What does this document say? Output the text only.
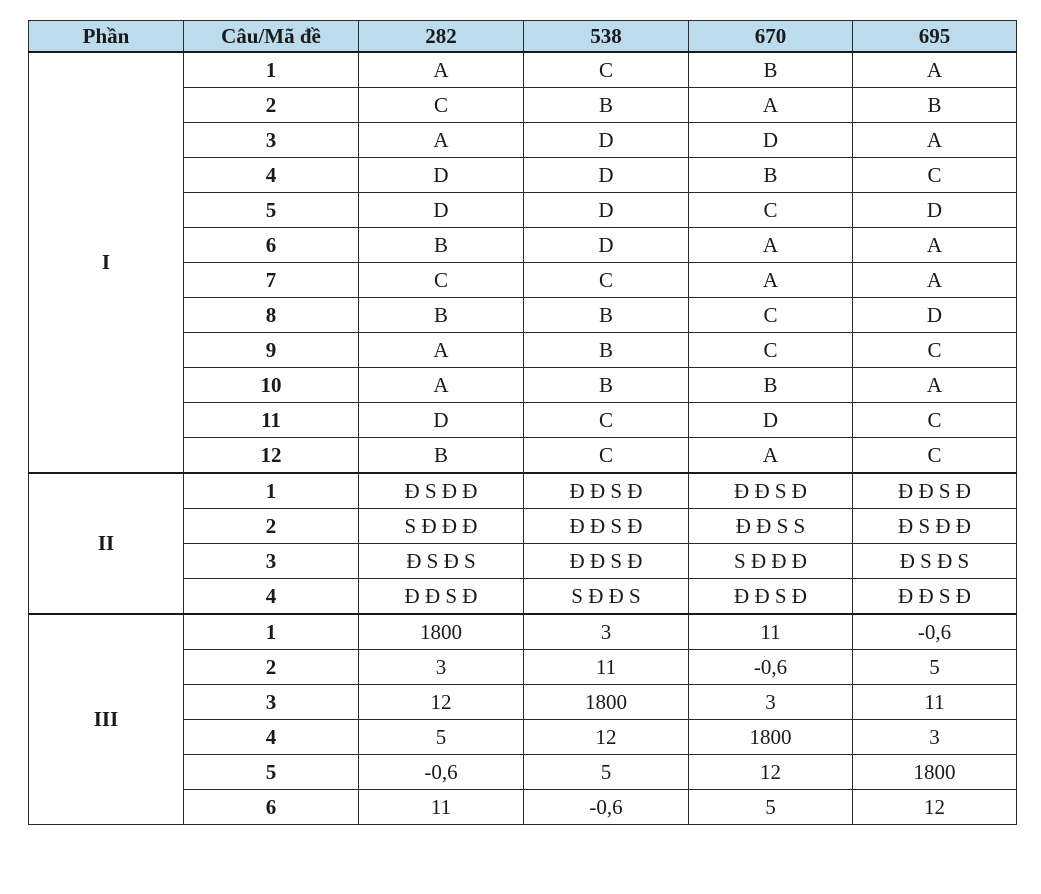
Phần	Câu/Mã đề	282	538	670	695
I	1	A	C	B	A
	2	C	B	A	B
	3	A	D	D	A
	4	D	D	B	C
	5	D	D	C	D
	6	B	D	A	A
	7	C	C	A	A
	8	B	B	C	D
	9	A	B	C	C
	10	A	B	B	A
	11	D	C	D	C
	12	B	C	A	C
II	1	Đ S Đ Đ	Đ Đ S Đ	Đ Đ S Đ	Đ Đ S Đ
	2	S Đ Đ Đ	Đ Đ S Đ	Đ Đ S S	Đ S Đ Đ
	3	Đ S Đ S	Đ Đ S Đ	S Đ Đ Đ	Đ S Đ S
	4	Đ Đ S Đ	S Đ Đ S	Đ Đ S Đ	Đ Đ S Đ
III	1	1800	3	11	-0,6
	2	3	11	-0,6	5
	3	12	1800	3	11
	4	5	12	1800	3
	5	-0,6	5	12	1800
	6	11	-0,6	5	12
